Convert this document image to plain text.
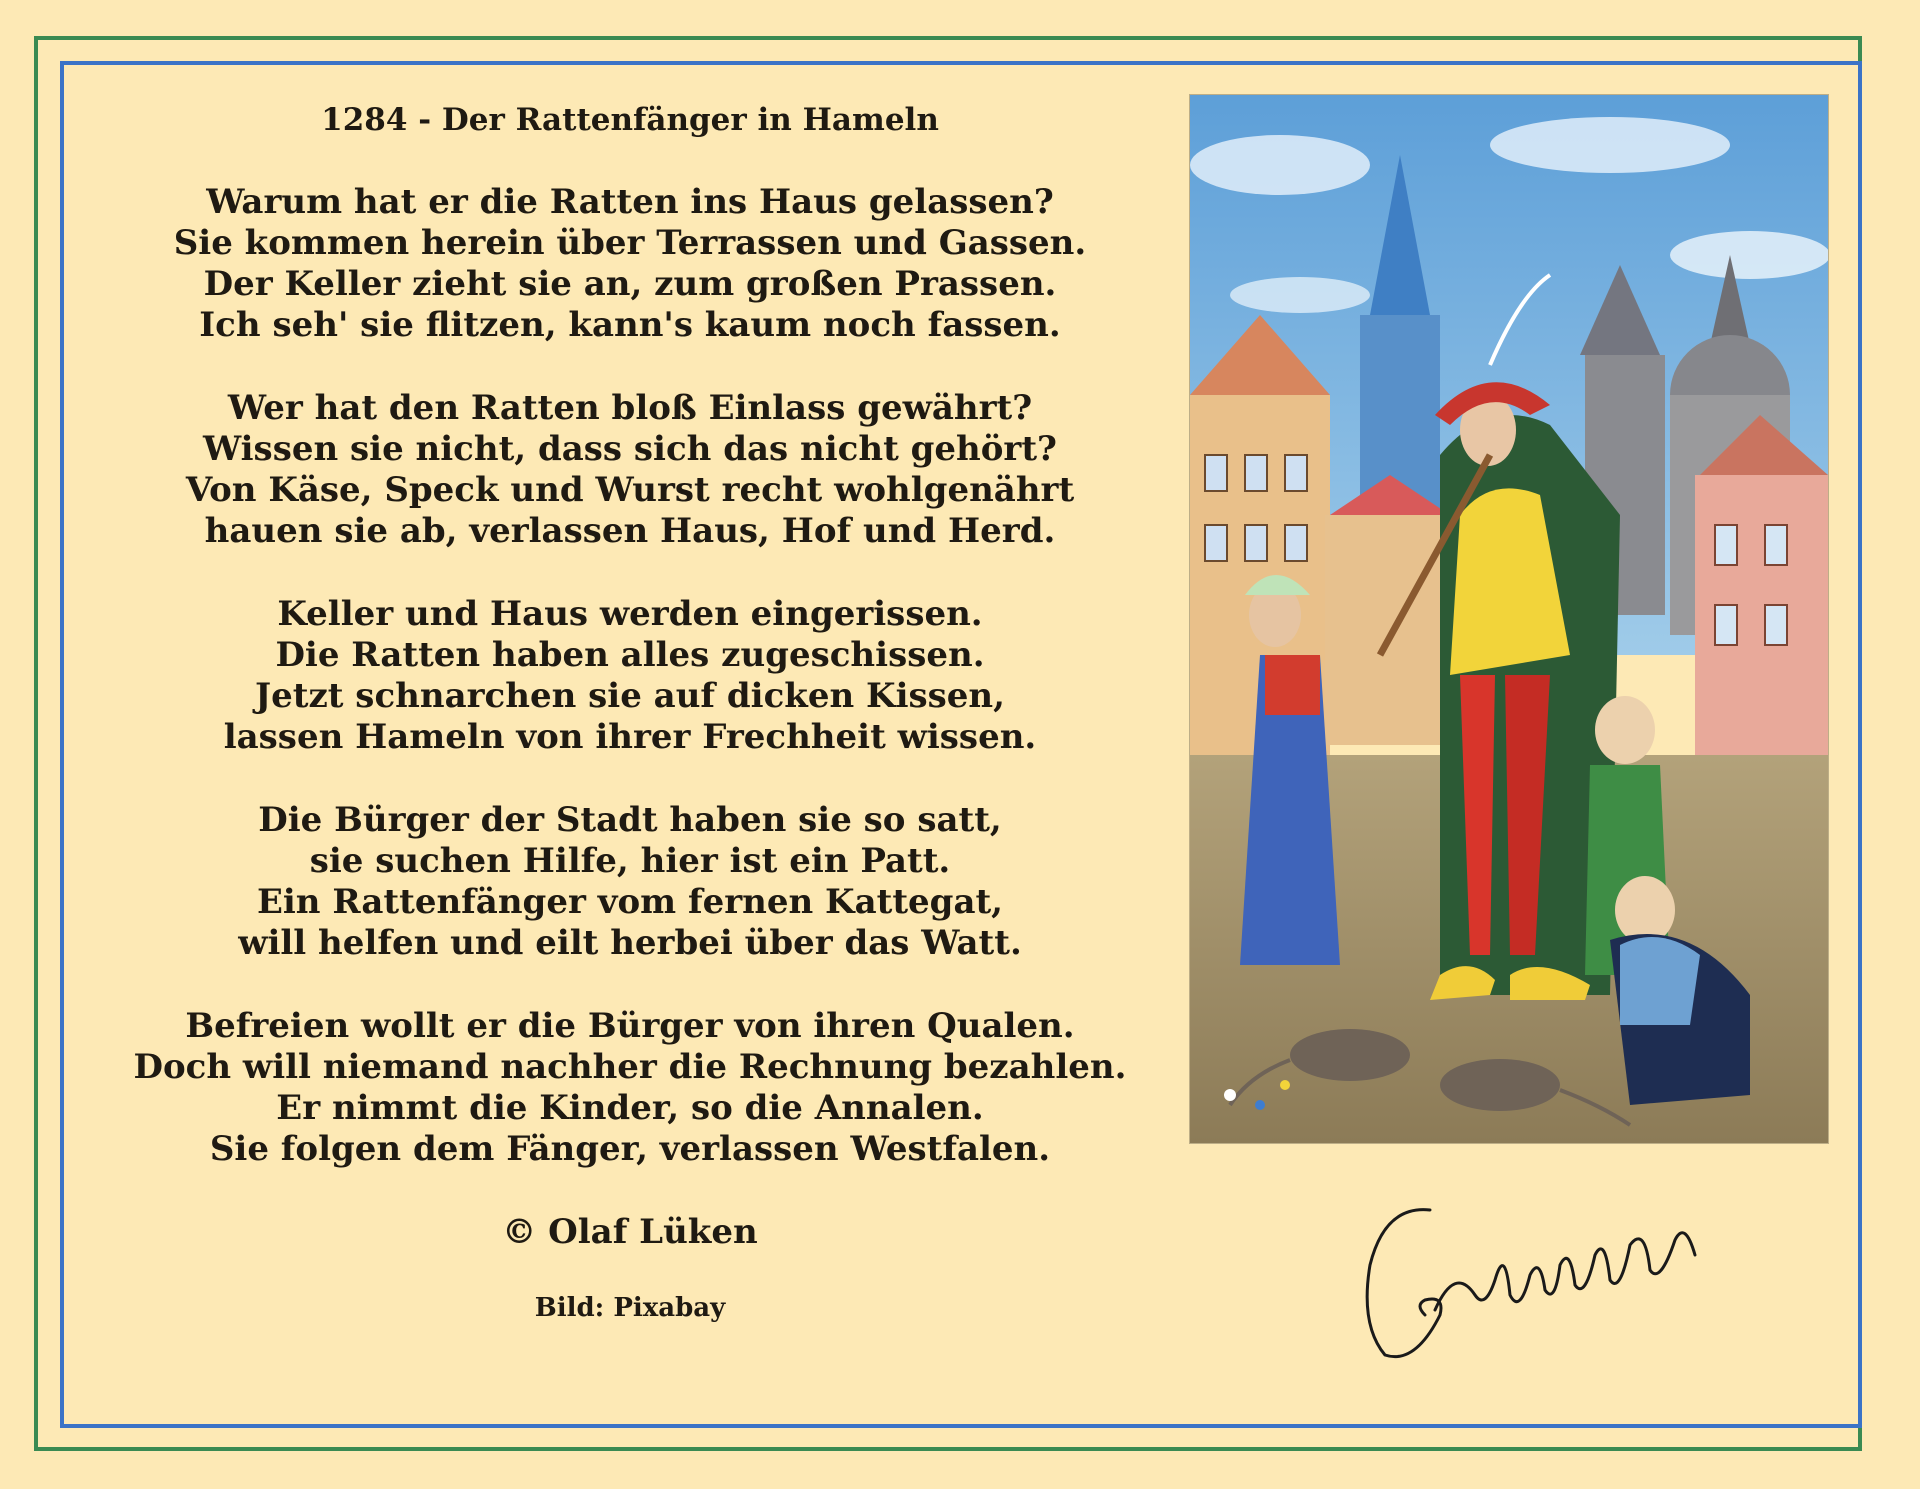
1284 - Der Rattenfänger in Hameln
Warum hat er die Ratten ins Haus gelassen?
Sie kommen herein über Terrassen und Gassen.
Der Keller zieht sie an, zum großen Prassen.
Ich seh' sie flitzen, kann's kaum noch fassen.
Wer hat den Ratten bloß Einlass gewährt?
Wissen sie nicht, dass sich das nicht gehört?
Von Käse, Speck und Wurst recht wohlgenährt
hauen sie ab, verlassen Haus, Hof und Herd.
Keller und Haus werden eingerissen.
Die Ratten haben alles zugeschissen.
Jetzt schnarchen sie auf dicken Kissen,
lassen Hameln von ihrer Frechheit wissen.
Die Bürger der Stadt haben sie so satt,
sie suchen Hilfe, hier ist ein Patt.
Ein Rattenfänger vom fernen Kattegat,
will helfen und eilt herbei über das Watt.
Befreien wollt er die Bürger von ihren Qualen.
Doch will niemand nachher die Rechnung bezahlen.
Er nimmt die Kinder, so die Annalen.
Sie folgen dem Fänger, verlassen Westfalen.
© Olaf Lüken
Bild: Pixabay
